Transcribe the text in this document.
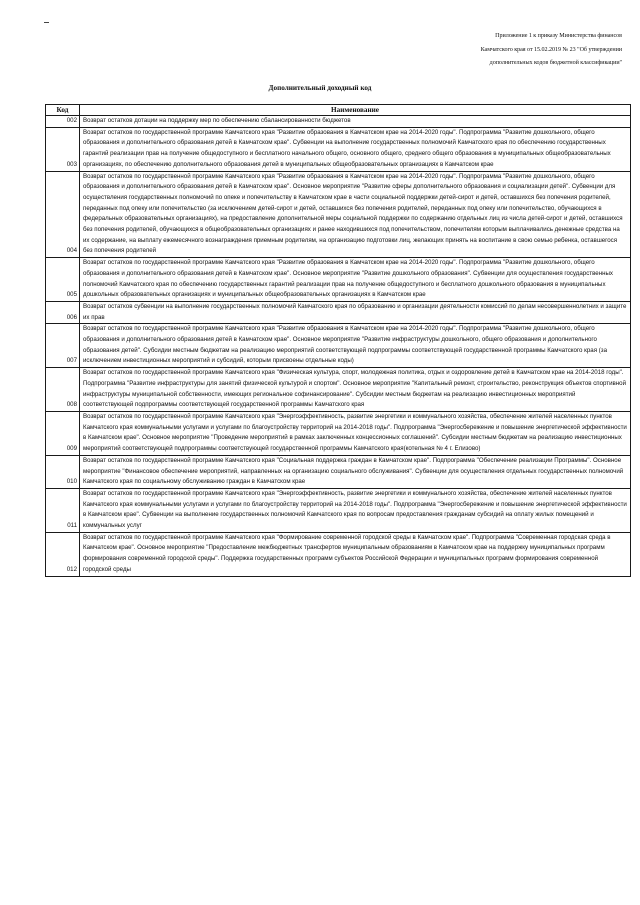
Приложение 1 к приказу Министерства финансов
Камчатского края от 15.02.2019 № 23 "Об утверждении
дополнительных кодов бюджетной классификации"
Дополнительный доходный код
Код	Наименование
002	Возврат остатков дотации на поддержку мер по обеспечению сбалансированности бюджетов
003	Возврат остатков по государственной программе Камчатского края "Развитие образования в Камчатском крае на 2014-2020 годы". Подпрограмма "Развитие дошкольного, общего образования и дополнительного образования детей в Камчатском крае". Субвенции на выполнение государственных полномочий Камчатского края по обеспечению государственных гарантий реализации прав на получение общедоступного и бесплатного начального общего, основного общего, среднего общего образования в муниципальных общеобразовательных организациях, по обеспечению дополнительного образования детей в муниципальных общеобразовательных организациях в Камчатском крае
004	Возврат остатков по государственной программе Камчатского края "Развитие образования в Камчатском крае на 2014-2020 годы". Подпрограмма "Развитие дошкольного, общего образования и дополнительного образования детей в Камчатском крае". Основное мероприятие "Развитие сферы дополнительного образования и социализации детей". Субвенции для осуществления государственных полномочий по опеке и попечительству в Камчатском крае в части социальной поддержки детей-сирот и детей, оставшихся без попечения родителей, переданных под опеку или попечительство (за исключением детей-сирот и детей, оставшихся без попечения родителей, переданных под опеку или попечительство, обучающихся в федеральных образовательных организациях), на предоставление дополнительной меры социальной поддержки по содержанию отдельных лиц из числа детей-сирот и детей, оставшихся без попечения родителей, обучающихся в общеобразовательных организациях и ранее находившихся под попечительством, попечителям которым выплачивались денежные средства на их содержание, на выплату ежемесячного вознаграждения приемным родителям, на организацию подготовки лиц, желающих принять на воспитание в свою семью ребенка, оставшегося без попечения родителей
005	Возврат остатков по государственной программе Камчатского края "Развитие образования в Камчатском крае на 2014-2020 годы". Подпрограмма "Развитие дошкольного, общего образования и дополнительного образования детей в Камчатском крае". Основное мероприятие "Развитие дошкольного образования". Субвенции для осуществления государственных полномочий Камчатского края по обеспечению государственных гарантий реализации прав на получение общедоступного и бесплатного дошкольного образования в муниципальных дошкольных образовательных организациях и муниципальных общеобразовательных организациях в Камчатском крае
006	Возврат остатков субвенции на выполнение государственных полномочий Камчатского края по образованию и организации деятельности комиссий по делам несовершеннолетних и защите их прав
007	Возврат остатков по государственной программе Камчатского края "Развитие образования в Камчатском крае на 2014-2020 годы". Подпрограмма "Развитие дошкольного, общего образования и дополнительного образования детей в Камчатском крае". Основное мероприятие "Развитие инфраструктуры дошкольного, общего образования и дополнительного образования детей". Субсидии местным бюджетам на реализацию мероприятий соответствующей подпрограммы соответствующей государственной программы Камчатского края (за исключением инвестиционных мероприятий и субсидий, которым присвоены отдельные коды)
008	Возврат остатков по государственной программе Камчатского края "Физическая культура, спорт, молодежная политика, отдых и оздоровление детей в Камчатском крае на 2014-2018 годы". Подпрограмма "Развитие инфраструктуры для занятий физической культурой и спортом". Основное мероприятие "Капитальный ремонт, строительство, реконструкция объектов спортивной инфраструктуры муниципальной собственности, имеющих региональное софинансирование". Субсидии местным бюджетам на реализацию инвестиционных мероприятий соответствующей подпрограммы соответствующей государственной программы Камчатского края
009	Возврат остатков по государственной программе Камчатского края "Энергоэффективность, развитие энергетики и коммунального хозяйства, обеспечение жителей населенных пунктов Камчатского края коммунальными услугами и услугами по благоустройству территорий на 2014-2018 годы". Подпрограмма "Энергосбережение и повышение энергетической эффективности в Камчатском крае". Основное мероприятие "Проведение мероприятий в рамках заключенных концессионных соглашений". Субсидии местным бюджетам на реализацию инвестиционных мероприятий соответствующей подпрограммы соответствующей государственной программы Камчатского края(котельная № 4 г. Елизово)
010	Возврат остатков по государственной программе Камчатского края "Социальная поддержка граждан в Камчатском крае". Подпрограмма "Обеспечение реализации Программы". Основное мероприятие "Финансовое обеспечение мероприятий, направленных на организацию социального обслуживания". Субвенции для осуществления отдельных государственных полномочий Камчатского края по социальному обслуживанию граждан в Камчатском крае
011	Возврат остатков по государственной программе Камчатского края "Энергоэффективность, развитие энергетики и коммунального хозяйства, обеспечение жителей населенных пунктов Камчатского края коммунальными услугами и услугами по благоустройству территорий на 2014-2018 годы". Подпрограмма "Энергосбережение и повышение энергетической эффективности в Камчатском крае". Субвенции на выполнение государственных полномочий Камчатского края по вопросам предоставления гражданам субсидий на оплату жилых помещений и коммунальных услуг
012	Возврат остатков по государственной программе Камчатского края "Формирование современной городской среды в Камчатском крае". Подпрограмма "Современная городская среда в Камчатском крае". Основное мероприятие "Предоставление межбюджетных трансфертов муниципальным образованиям в Камчатском крае на поддержку муниципальных программ формирования современной городской среды". Поддержка государственных программ субъектов Российской Федерации и муниципальных программ формирования современной городской среды
